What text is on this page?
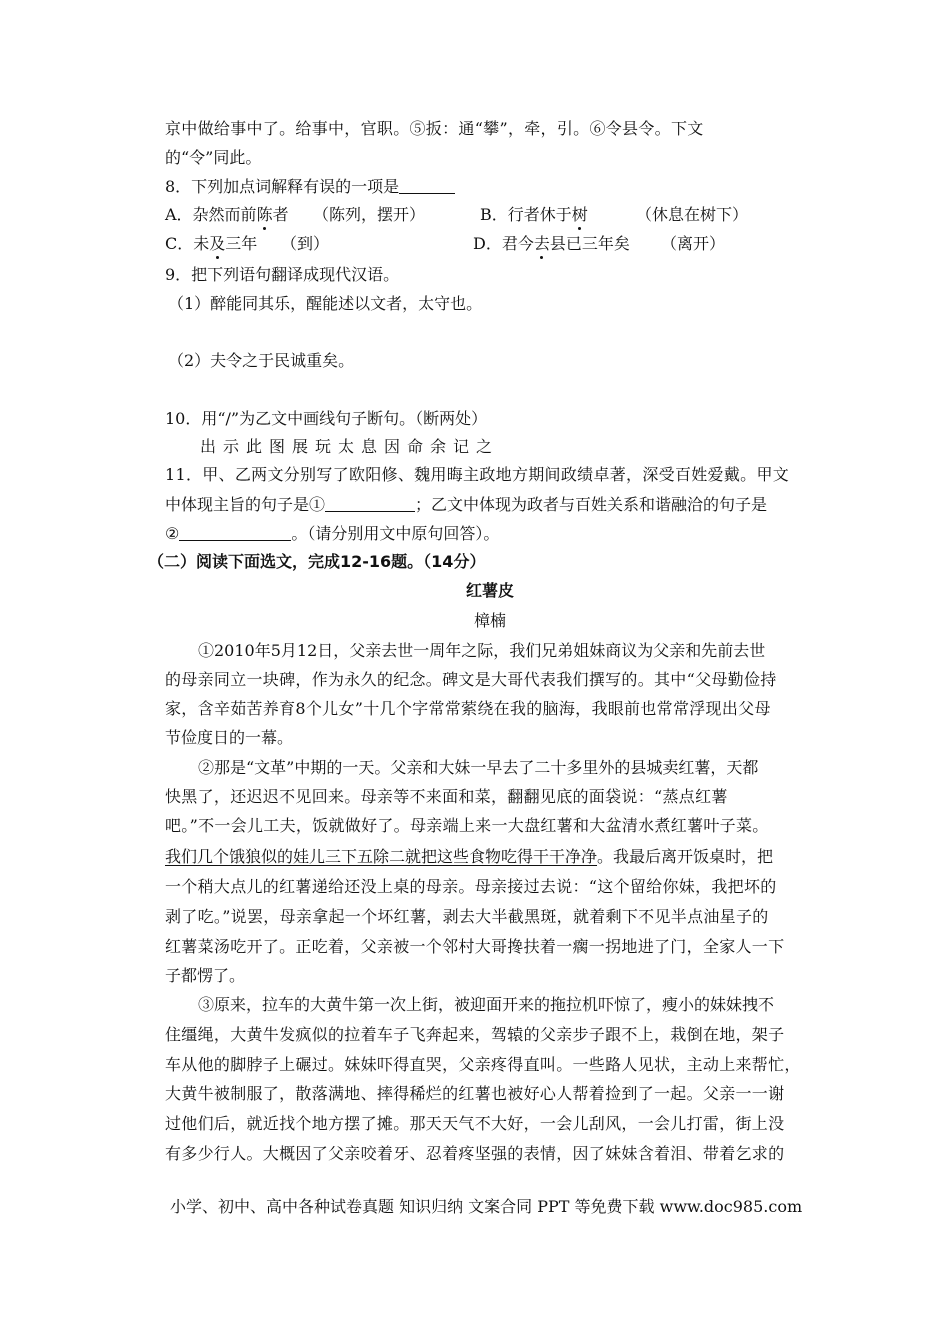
京中做给事中了。给事中，官职。⑤扳：通“攀”，牵，引。⑥令县令。下文
的“令”同此。
8．下列加点词解释有误的一项是
A．杂然而前陈者 （陈列，摆开）	B．行者休于树	（休息在树下）
C．未及三年 （到）	D．君今去县已三年矣 （离开）
9．把下列语句翻译成现代汉语。
（1）醉能同其乐，醒能述以文者，太守也。
（2）夫令之于民诚重矣。
10．用“/”为乙文中画线句子断句。（断两处）
出示此图展玩太息因命余记之
11．甲、乙两文分别写了欧阳修、魏用晦主政地方期间政绩卓著，深受百姓爱戴。甲文
中体现主旨的句子是①	；乙文中体现为政者与百姓关系和谐融洽的句子是
②	。（请分别用文中原句回答）。
（二）阅读下面选文，完成12-16题。（14分）
红薯皮
樟楠
①2010年5月12日，父亲去世一周年之际，我们兄弟姐妹商议为父亲和先前去世
的母亲同立一块碑，作为永久的纪念。碑文是大哥代表我们撰写的。其中“父母勤俭持
家，含辛茹苦养育8个儿女”十几个字常常萦绕在我的脑海，我眼前也常常浮现出父母
节俭度日的一幕。
②那是“文革”中期的一天。父亲和大妹一早去了二十多里外的县城卖红薯，天都
快黑了，还迟迟不见回来。母亲等不来面和菜，翻翻见底的面袋说：“蒸点红薯
吧。”不一会儿工夫，饭就做好了。母亲端上来一大盘红薯和大盆清水煮红薯叶子菜。
我们几个饿狼似的娃儿三下五除二就把这些食物吃得干干净净。我最后离开饭桌时，把
一个稍大点儿的红薯递给还没上桌的母亲。母亲接过去说：“这个留给你妹，我把坏的
剥了吃。”说罢，母亲拿起一个坏红薯，剥去大半截黑斑，就着剩下不见半点油星子的
红薯菜汤吃开了。正吃着，父亲被一个邻村大哥搀扶着一瘸一拐地进了门，全家人一下
子都愣了。
③原来，拉车的大黄牛第一次上街，被迎面开来的拖拉机吓惊了，瘦小的妹妹拽不
住缰绳，大黄牛发疯似的拉着车子飞奔起来，驾辕的父亲步子跟不上，栽倒在地，架子
车从他的脚脖子上碾过。妹妹吓得直哭，父亲疼得直叫。一些路人见状，主动上来帮忙，
大黄牛被制服了，散落满地、摔得稀烂的红薯也被好心人帮着捡到了一起。父亲一一谢
过他们后，就近找个地方摆了摊。那天天气不大好，一会儿刮风，一会儿打雷，街上没
有多少行人。大概因了父亲咬着牙、忍着疼坚强的表情，因了妹妹含着泪、带着乞求的
小学、初中、高中各种试卷真题 知识归纳 文案合同 PPT 等免费下载 www.doc985.com
